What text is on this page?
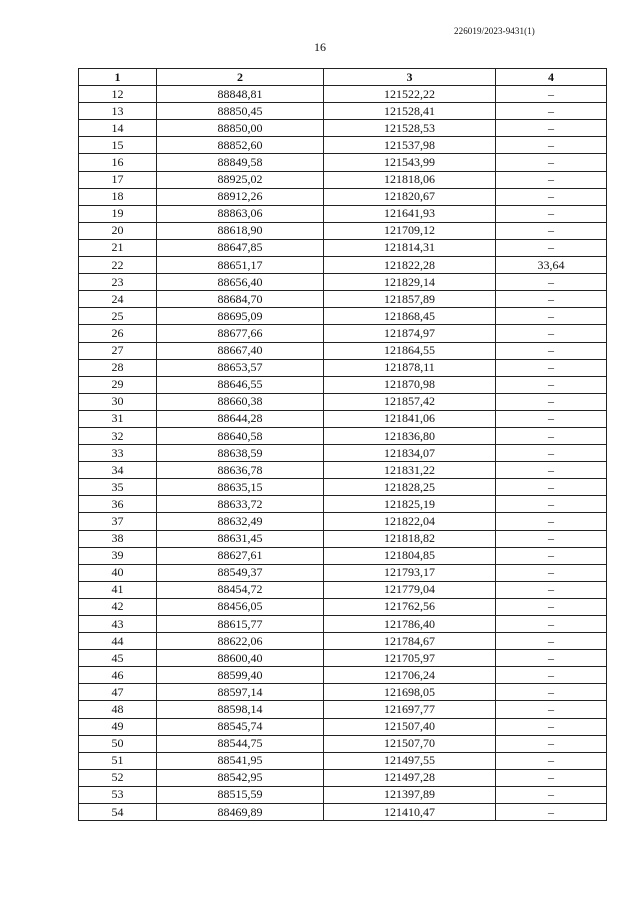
226019/2023-9431(1)
16
1	2	3	4
12	88848,81	121522,22	–
13	88850,45	121528,41	–
14	88850,00	121528,53	–
15	88852,60	121537,98	–
16	88849,58	121543,99	–
17	88925,02	121818,06	–
18	88912,26	121820,67	–
19	88863,06	121641,93	–
20	88618,90	121709,12	–
21	88647,85	121814,31	–
22	88651,17	121822,28	33,64
23	88656,40	121829,14	–
24	88684,70	121857,89	–
25	88695,09	121868,45	–
26	88677,66	121874,97	–
27	88667,40	121864,55	–
28	88653,57	121878,11	–
29	88646,55	121870,98	–
30	88660,38	121857,42	–
31	88644,28	121841,06	–
32	88640,58	121836,80	–
33	88638,59	121834,07	–
34	88636,78	121831,22	–
35	88635,15	121828,25	–
36	88633,72	121825,19	–
37	88632,49	121822,04	–
38	88631,45	121818,82	–
39	88627,61	121804,85	–
40	88549,37	121793,17	–
41	88454,72	121779,04	–
42	88456,05	121762,56	–
43	88615,77	121786,40	–
44	88622,06	121784,67	–
45	88600,40	121705,97	–
46	88599,40	121706,24	–
47	88597,14	121698,05	–
48	88598,14	121697,77	–
49	88545,74	121507,40	–
50	88544,75	121507,70	–
51	88541,95	121497,55	–
52	88542,95	121497,28	–
53	88515,59	121397,89	–
54	88469,89	121410,47	–
